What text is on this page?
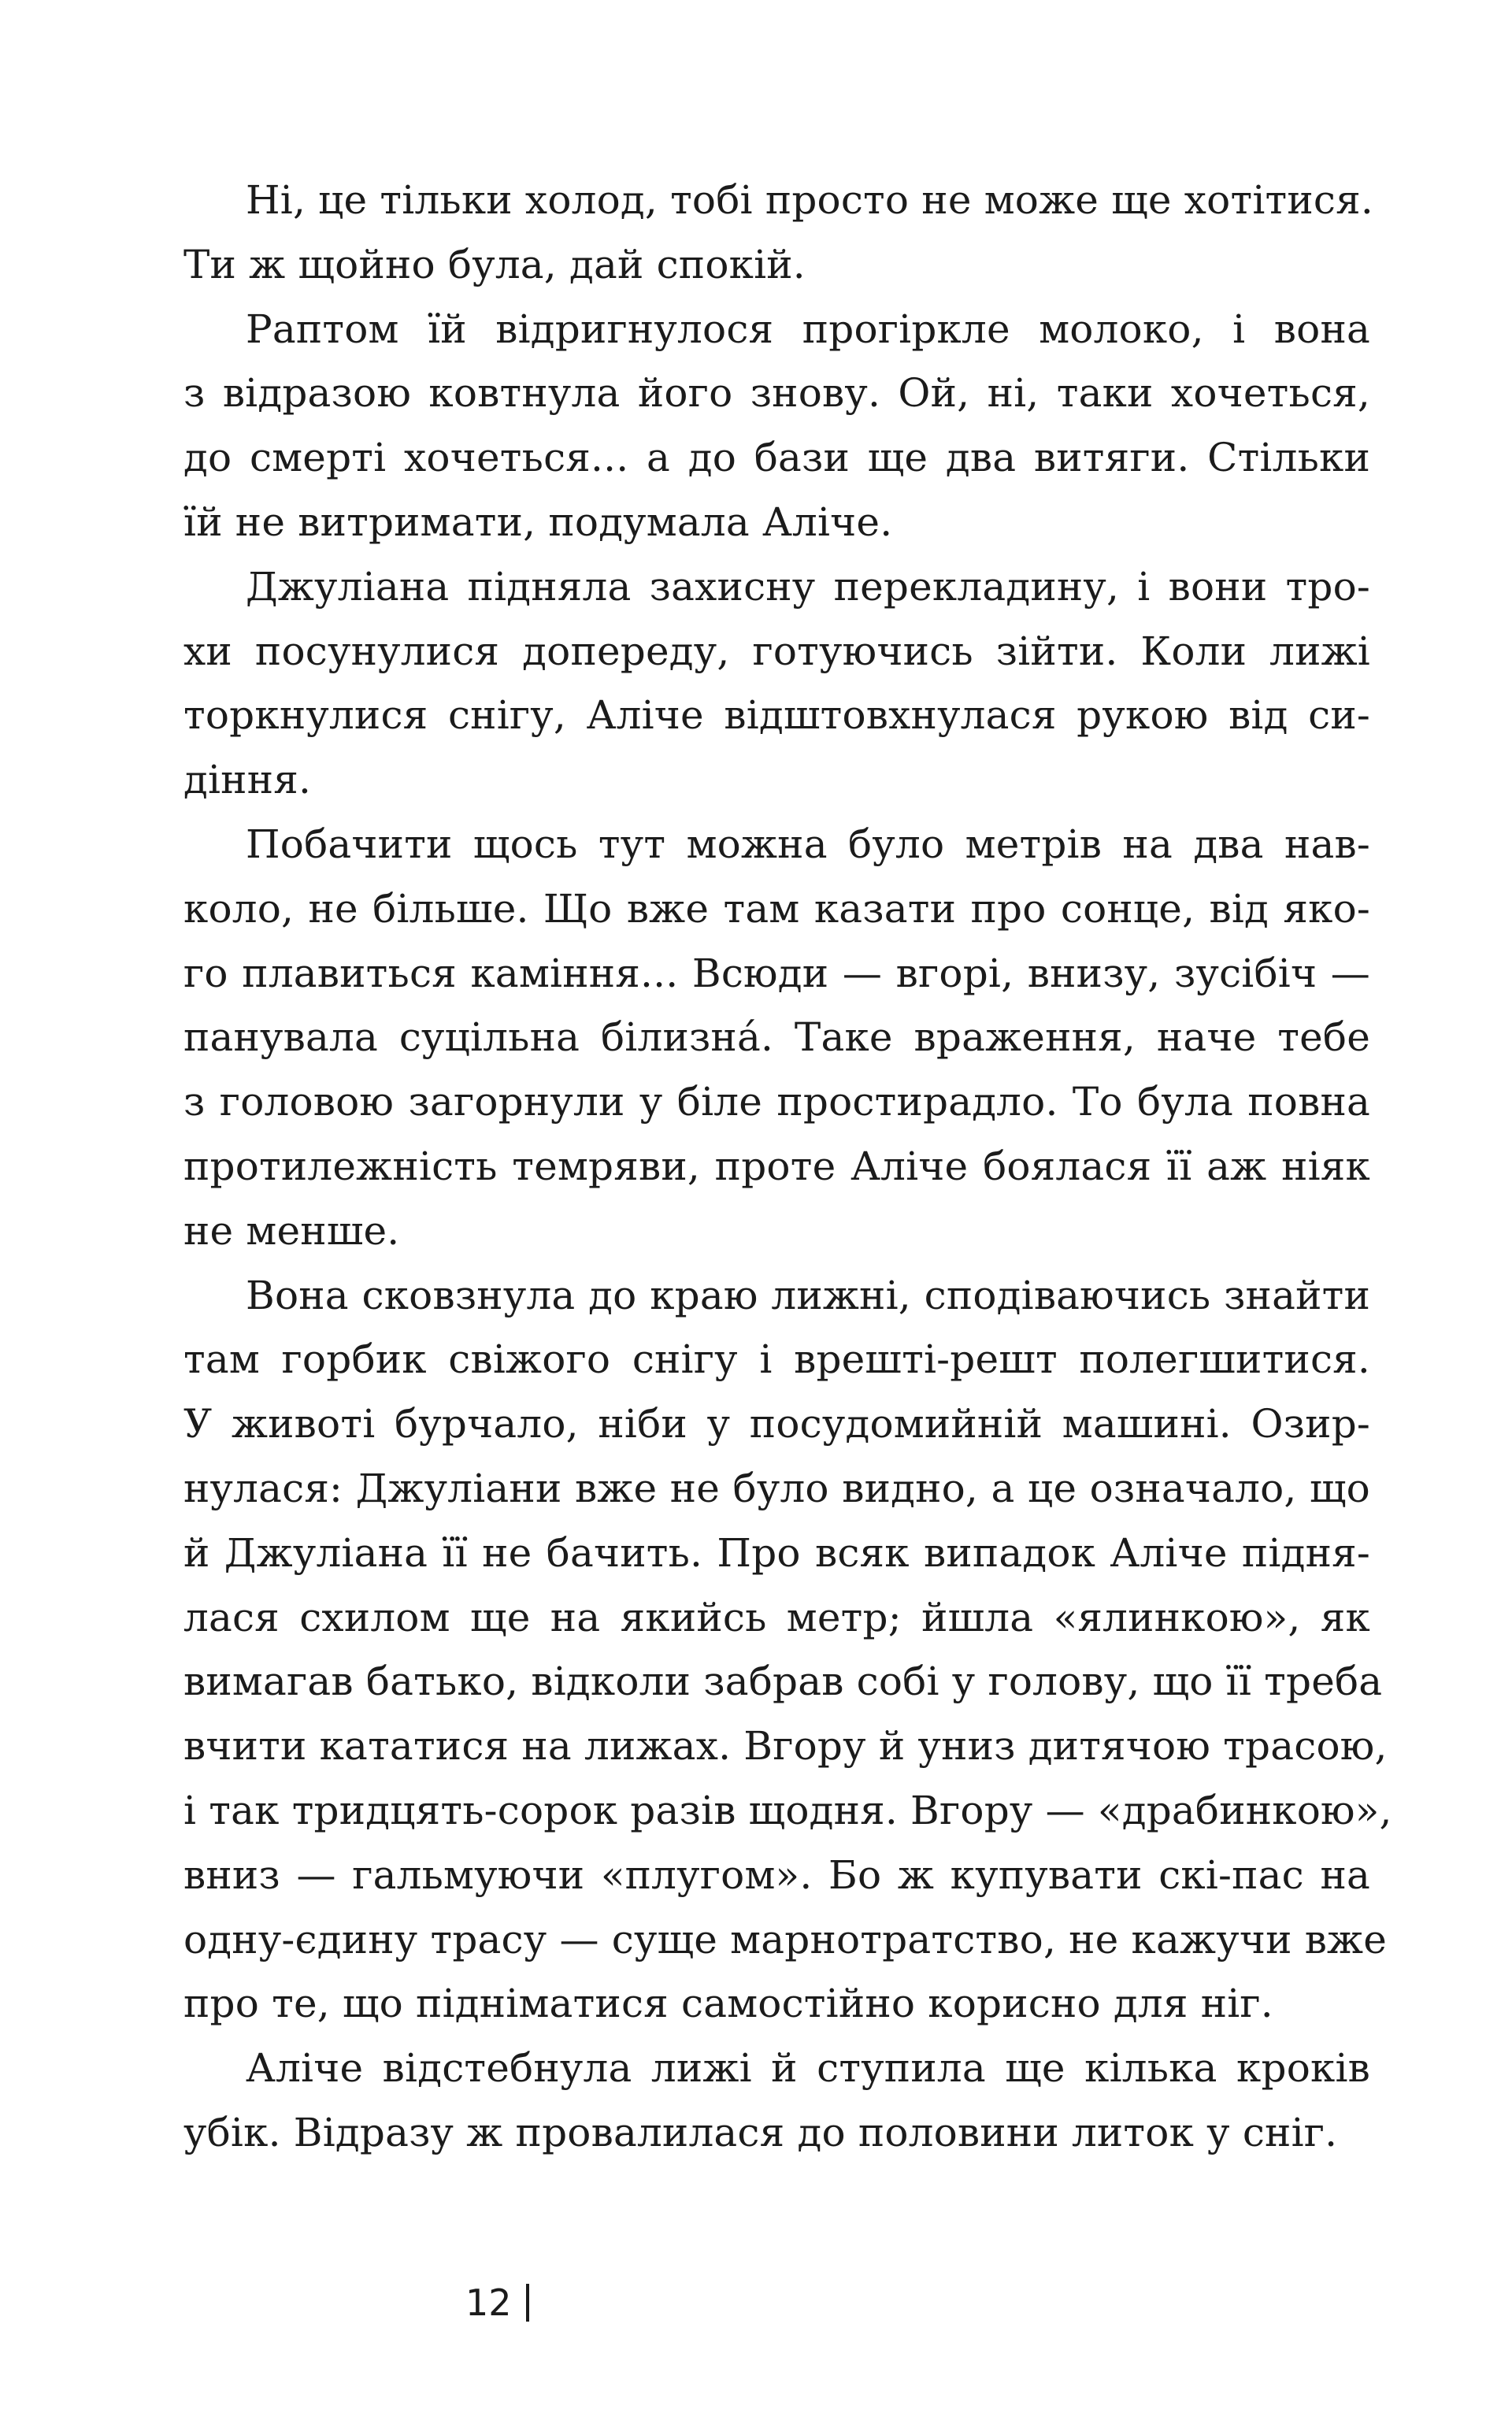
Ні, це тільки холод, тобі просто не може ще хотітися.
Ти ж щойно була, дай спокій.
Раптом їй відригнулося прогіркле молоко, і вона
з відразою ковтнула його знову. Ой, ні, таки хочеться,
до смерті хочеться... а до бази ще два витяги. Стільки
їй не витримати, подумала Аліче.
Джуліана підняла захисну перекладину, і вони тро-
хи посунулися допереду, готуючись зійти. Коли лижі
торкнулися снігу, Аліче відштовхнулася рукою від си-
діння.
Побачити щось тут можна було метрів на два нав-
коло, не більше. Що вже там казати про сонце, від яко-
го плавиться каміння... Всюди — вгорі, внизу, зусібіч —
панувала суцільна білизна́. Таке враження, наче тебе
з головою загорнули у біле простирадло. То була повна
протилежність темряви, проте Аліче боялася її аж ніяк
не менше.
Вона сковзнула до краю лижні, сподіваючись знайти
там горбик свіжого снігу і врешті-решт полегшитися.
У животі бурчало, ніби у посудомийній машині. Озир-
нулася: Джуліани вже не було видно, а це означало, що
й Джуліана її не бачить. Про всяк випадок Аліче підня-
лася схилом ще на якийсь метр; йшла «ялинкою», як
вимагав батько, відколи забрав собі у голову, що її треба
вчити кататися на лижах. Вгору й униз дитячою трасою,
і так тридцять-сорок разів щодня. Вгору — «драбинкою»,
вниз — гальмуючи «плугом». Бо ж купувати скі-пас на
одну-єдину трасу — суще марнотратство, не кажучи вже
про те, що підніматися самостійно корисно для ніг.
Аліче відстебнула лижі й ступила ще кілька кроків
убік. Відразу ж провалилася до половини литок у сніг.
12
